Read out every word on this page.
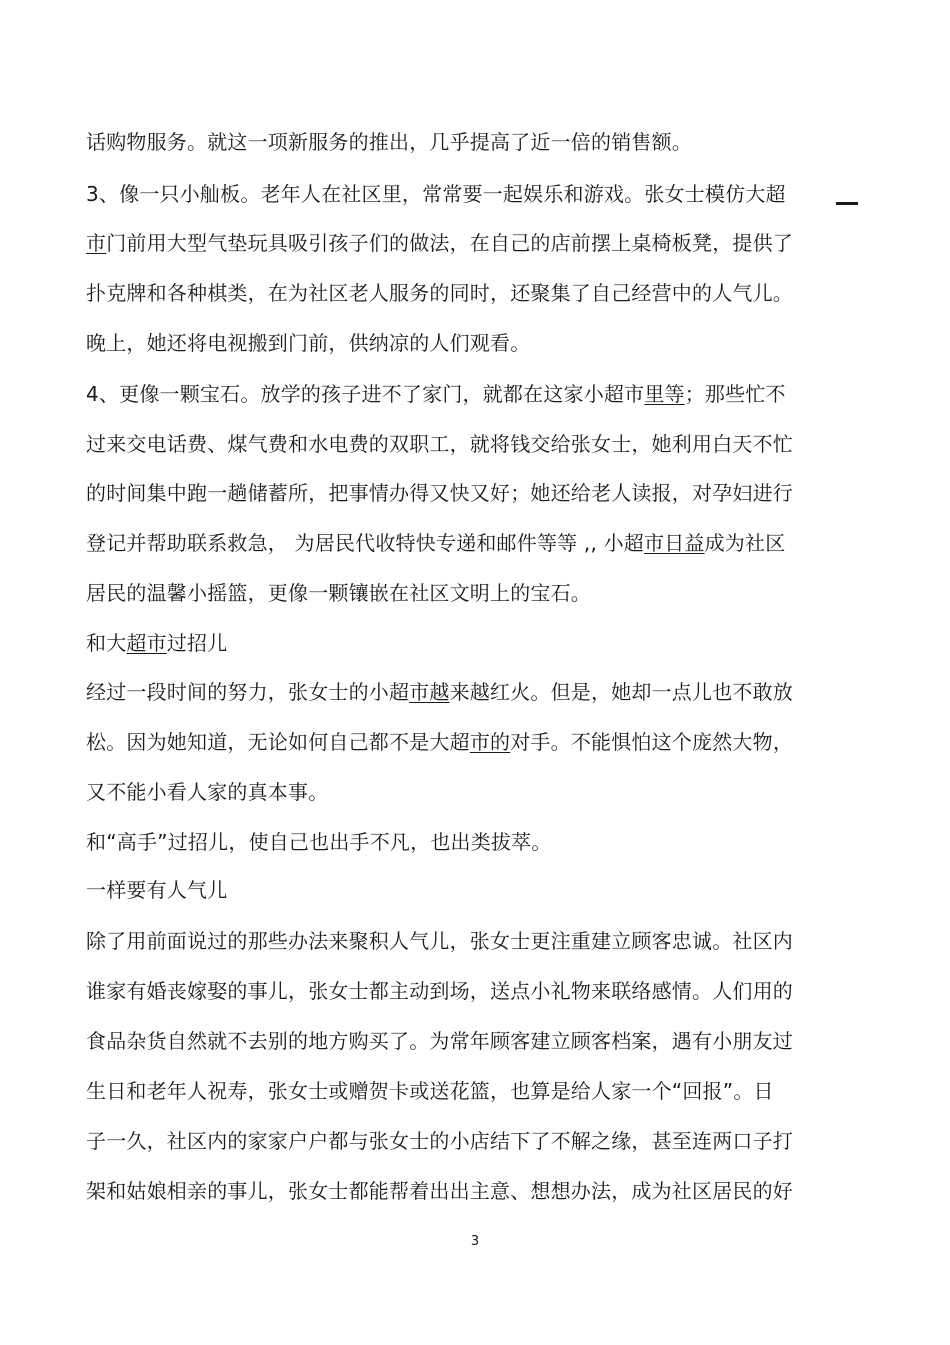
话购物服务。就这一项新服务的推出，几乎提高了近一倍的销售额。
3、像一只小舢板。老年人在社区里，常常要一起娱乐和游戏。张女士模仿大超
市门前用大型气垫玩具吸引孩子们的做法，在自己的店前摆上桌椅板凳，提供了
扑克牌和各种棋类，在为社区老人服务的同时，还聚集了自己经营中的人气儿。
晚上，她还将电视搬到门前，供纳凉的人们观看。
4、更像一颗宝石。放学的孩子进不了家门，就都在这家小超市里等；那些忙不
过来交电话费、煤气费和水电费的双职工，就将钱交给张女士，她利用白天不忙
的时间集中跑一趟储蓄所，把事情办得又快又好；她还给老人读报，对孕妇进行
登记并帮助联系救急， 为居民代收特快专递和邮件等等 ,, 小超市日益成为社区
居民的温馨小摇篮，更像一颗镶嵌在社区文明上的宝石。
和大超市过招儿
经过一段时间的努力，张女士的小超市越来越红火。但是，她却一点儿也不敢放
松。因为她知道，无论如何自己都不是大超市的对手。不能惧怕这个庞然大物，
又不能小看人家的真本事。
和“高手”过招儿，使自己也出手不凡，也出类拔萃。
一样要有人气儿
除了用前面说过的那些办法来聚积人气儿，张女士更注重建立顾客忠诚。社区内
谁家有婚丧嫁娶的事儿，张女士都主动到场，送点小礼物来联络感情。人们用的
食品杂货自然就不去别的地方购买了。为常年顾客建立顾客档案，遇有小朋友过
生日和老年人祝寿，张女士或赠贺卡或送花篮，也算是给人家一个“回报”。日
子一久，社区内的家家户户都与张女士的小店结下了不解之缘，甚至连两口子打
架和姑娘相亲的事儿，张女士都能帮着出出主意、想想办法，成为社区居民的好
3
